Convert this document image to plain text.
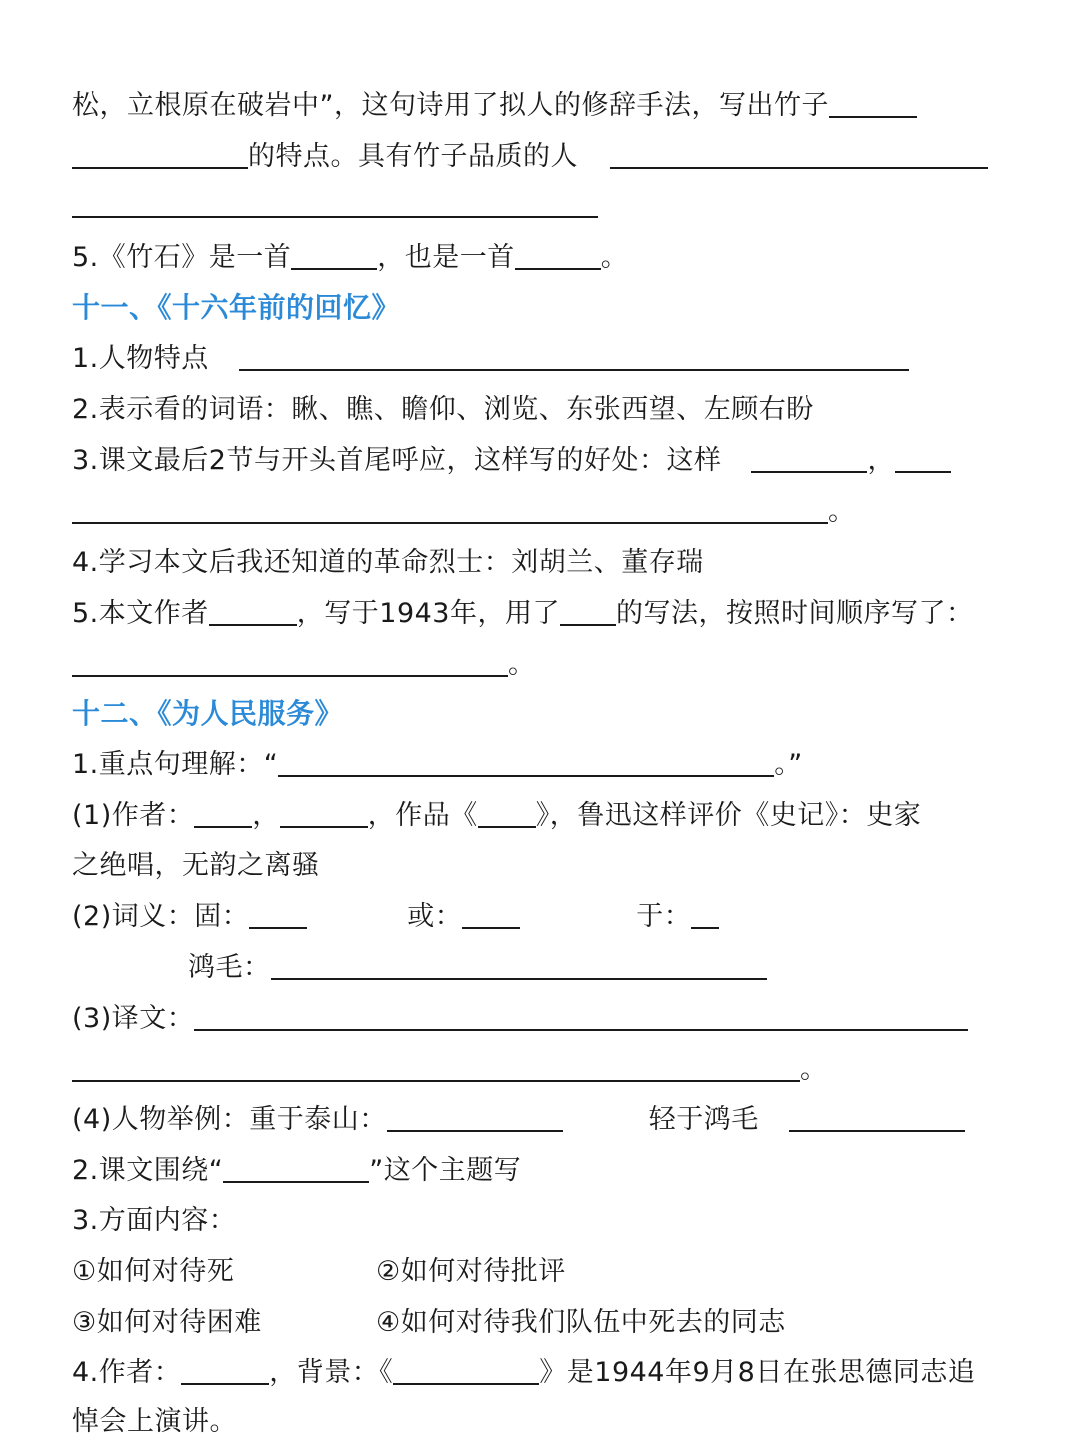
松，立根原在破岩中”，这句诗用了拟人的修辞手法，写出竹子
的特点。具有竹子品质的人
5.《竹石》是一首	，也是一首	。
十一、《十六年前的回忆》
1.人物特点
2.表示看的词语：瞅、瞧、瞻仰、浏览、东张西望、左顾右盼
3.课文最后2节与开头首尾呼应，这样写的好处：这样	，
。
4.学习本文后我还知道的革命烈士：刘胡兰、董存瑞
5.本文作者	，写于1943年，用了 的写法，按照时间顺序写了：
。
十二、《为人民服务》
1.重点句理解：“	。”
(1)作者： ，	，作品《 》，鲁迅这样评价《史记》：史家
之绝唱，无韵之离骚
(2)词义：固：	或：	于：
鸿毛：
(3)译文：
。
(4)人物举例：重于泰山：	轻于鸿毛
2.课文围绕“	”这个主题写
3.方面内容：
①如何对待死	②如何对待批评
③如何对待困难	④如何对待我们队伍中死去的同志
4.作者：	，背景：《	》是1944年9月8日在张思德同志追
悼会上演讲。
